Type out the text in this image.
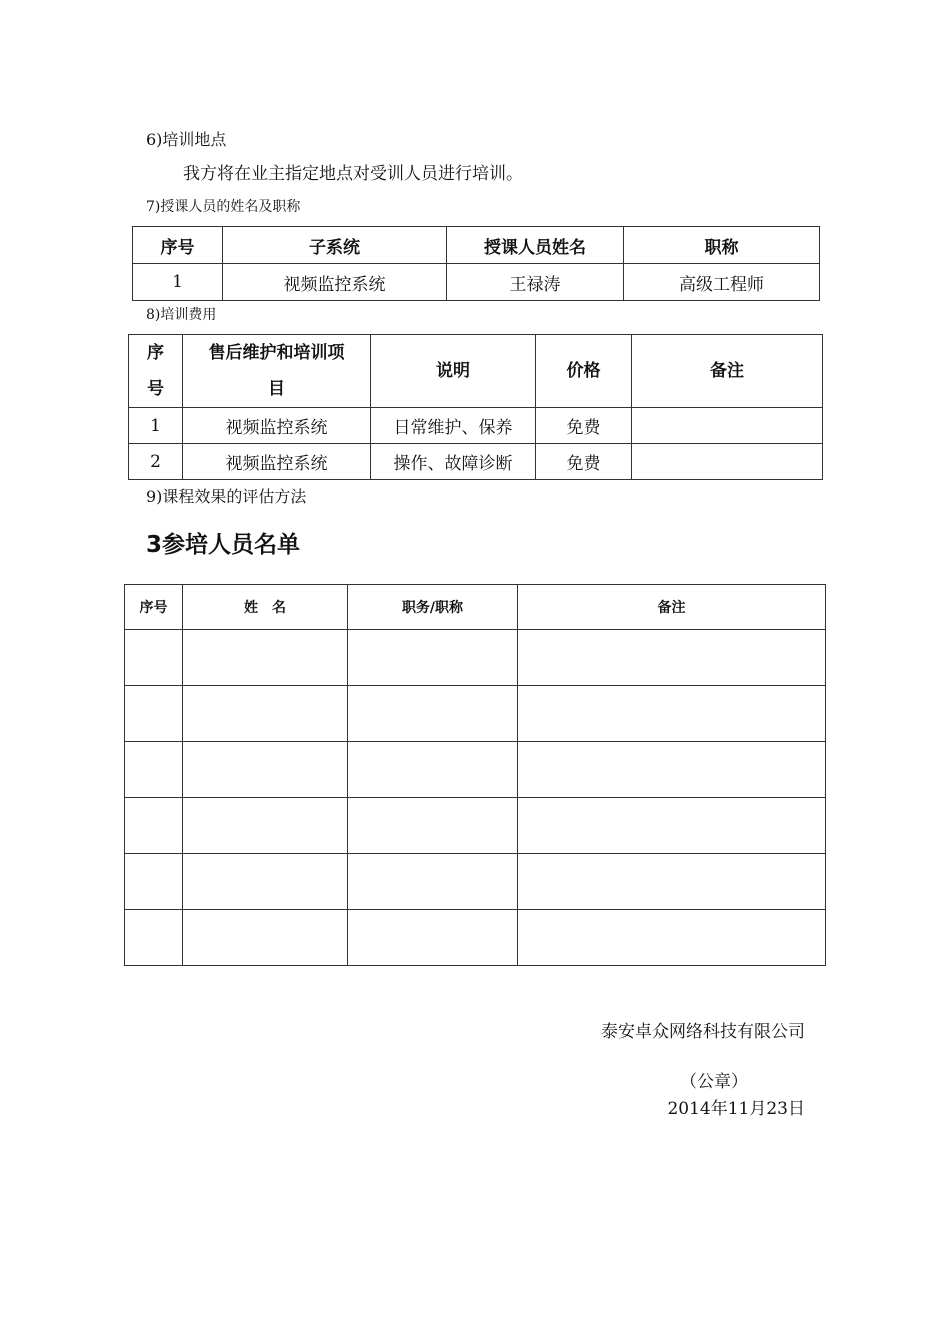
6)培训地点
我方将在业主指定地点对受训人员进行培训。
7)授课人员的姓名及职称
序号	子系统	授课人员姓名	职称
1	视频监控系统	王禄涛	高级工程师
8)培训费用
序号	售后维护和培训项目	说明	价格	备注
1	视频监控系统	日常维护、保养	免费	
2	视频监控系统	操作、故障诊断	免费	
9)课程效果的评估方法
3参培人员名单
序号	姓　名	职务/职称	备注

泰安卓众网络科技有限公司
（公章）
2014年11月23日
